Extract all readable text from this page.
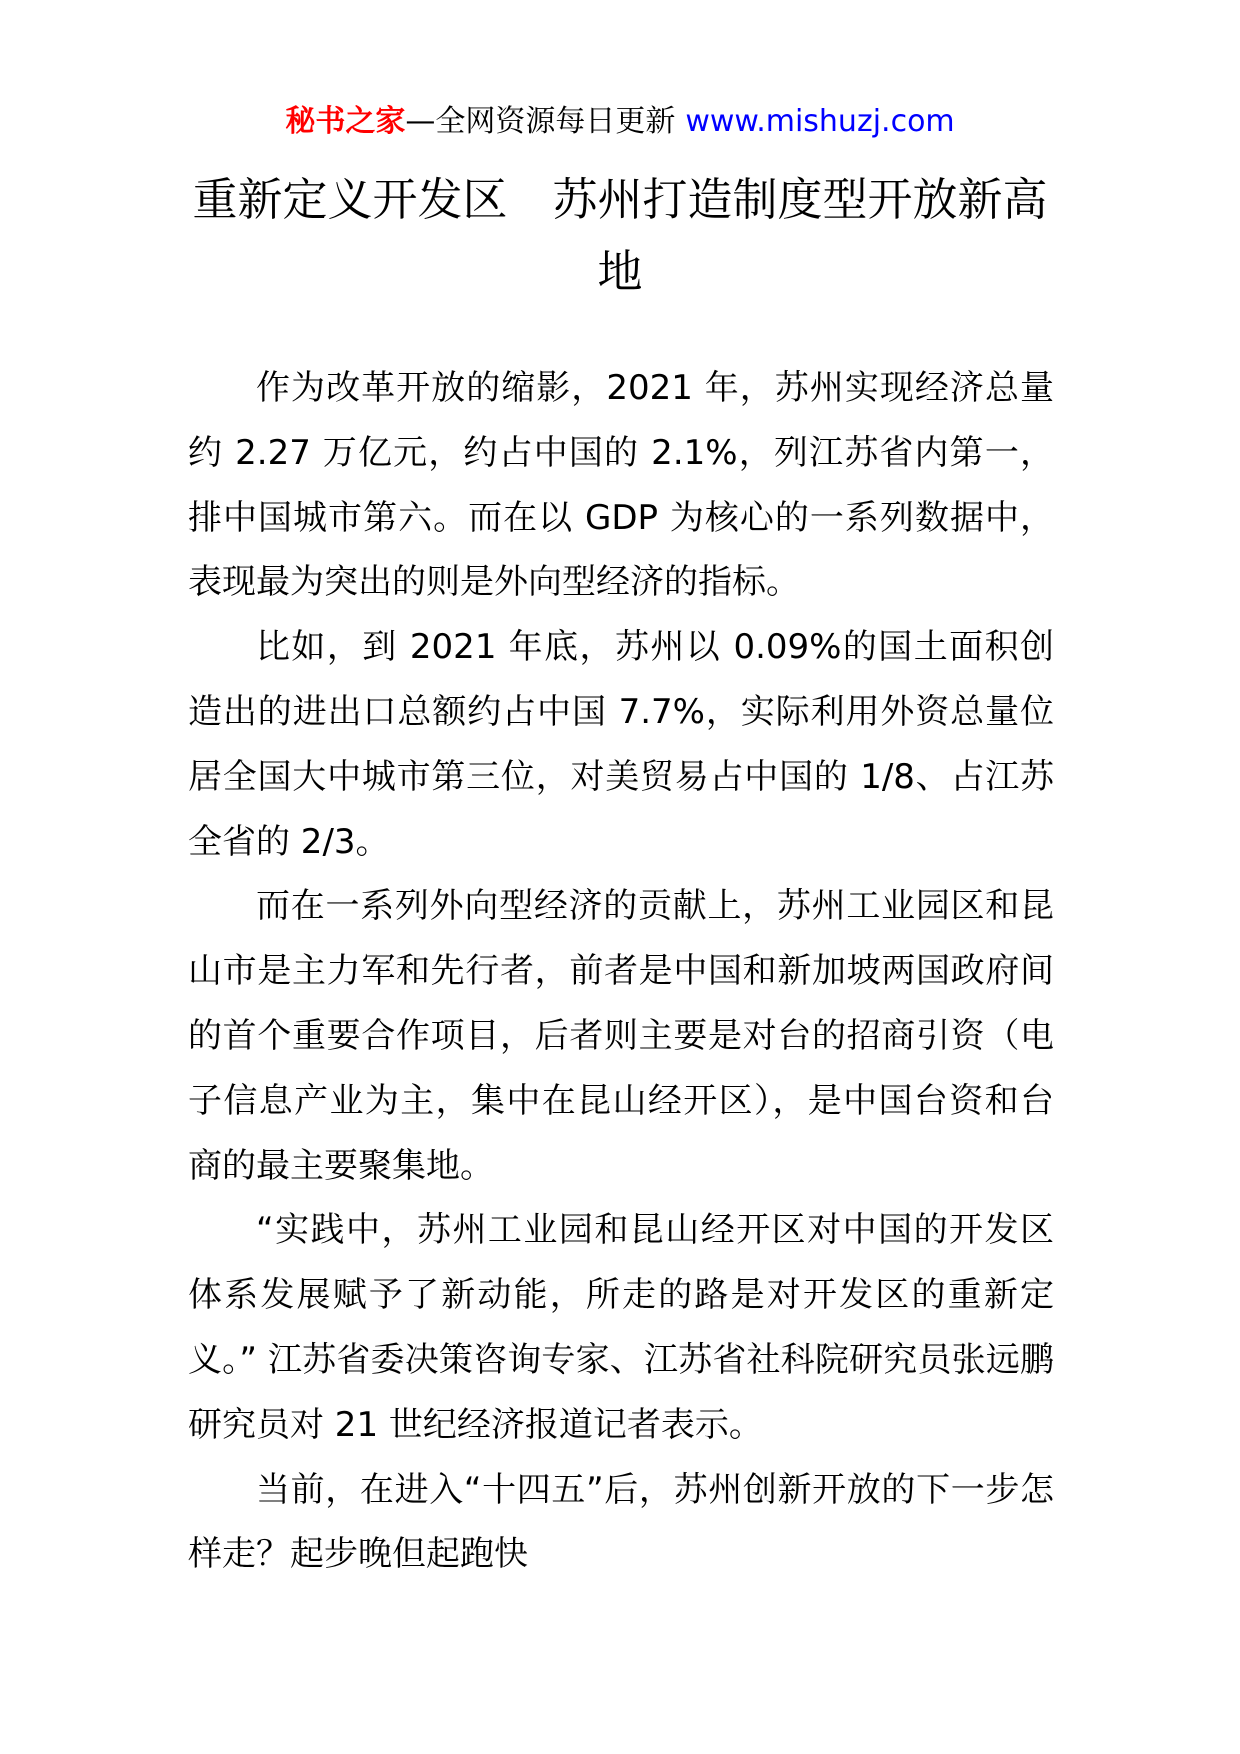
秘书之家—全网资源每日更新 www.mishuzj.com
重新定义开发区　苏州打造制度型开放新高地

作为改革开放的缩影，2021 年，苏州实现经济总量约 2.27 万亿元，约占中国的 2.1%，列江苏省内第一，排中国城市第六。而在以 GDP 为核心的一系列数据中，表现最为突出的则是外向型经济的指标。

比如，到 2021 年底，苏州以 0.09%的国土面积创造出的进出口总额约占中国 7.7%，实际利用外资总量位居全国大中城市第三位，对美贸易占中国的 1/8、占江苏全省的 2/3。

而在一系列外向型经济的贡献上，苏州工业园区和昆山市是主力军和先行者，前者是中国和新加坡两国政府间的首个重要合作项目，后者则主要是对台的招商引资（电子信息产业为主，集中在昆山经开区），是中国台资和台商的最主要聚集地。

“实践中，苏州工业园和昆山经开区对中国的开发区体系发展赋予了新动能，所走的路是对开发区的重新定义。” 江苏省委决策咨询专家、江苏省社科院研究员张远鹏研究员对 21 世纪经济报道记者表示。

当前，在进入“十四五”后，苏州创新开放的下一步怎样走？起步晚但起跑快
